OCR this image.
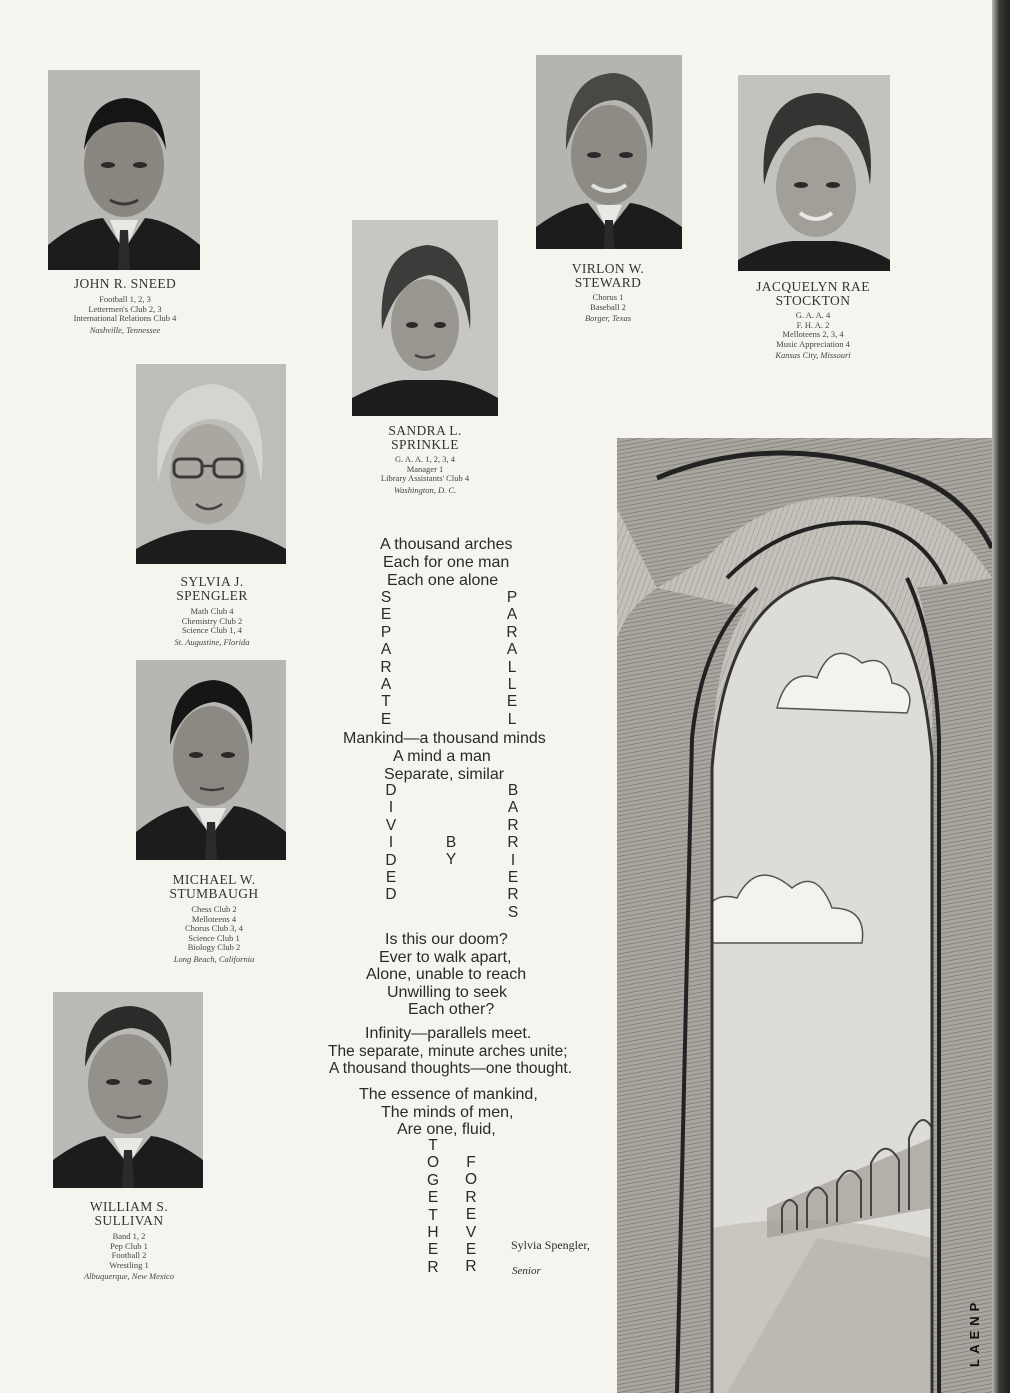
JOHN R. SNEED
Football 1, 2, 3
Lettermen's Club 2, 3
International Relations Club 4
Nashville, Tennessee
SANDRA L.
SPRINKLE
G. A. A. 1, 2, 3, 4
Manager 1
Library Assistants' Club 4
Washington, D. C.
VIRLON W.
STEWARD
Chorus 1
Baseball 2
Borger, Texas
JACQUELYN RAE
STOCKTON
G. A. A. 4
F. H. A. 2
Melloteens 2, 3, 4
Music Appreciation 4
Kansas City, Missouri
SYLVIA J.
SPENGLER
Math Club 4
Chemistry Club 2
Science Club 1, 4
St. Augustine, Florida
MICHAEL W.
STUMBAUGH
Chess Club 2
Melloteens 4
Chorus Club 3, 4
Science Club 1
Biology Club 2
Long Beach, California
WILLIAM S.
SULLIVAN
Band 1, 2
Pep Club 1
Football 2
Wrestling 1
Albuquerque, New Mexico
A thousand arches
Each for one man
Each one alone
S
E
P
A
R
A
T
E
P
A
R
A
L
L
E
L
Mankind—a thousand minds
A mind a man
Separate, similar
D
I
V
I
D
E
D
B
Y
B
A
R
R
I
E
R
S
Is this our doom?
Ever to walk apart,
Alone, unable to reach
Unwilling to seek
Each other?
Infinity—parallels meet.
The separate, minute arches unite;
A thousand thoughts—one thought.
The essence of mankind,
The minds of men,
Are one, fluid,
T
O
G
E
T
H
E
R
F
O
R
E
V
E
R
Sylvia Spengler,
Senior
P
N
E
A
L
